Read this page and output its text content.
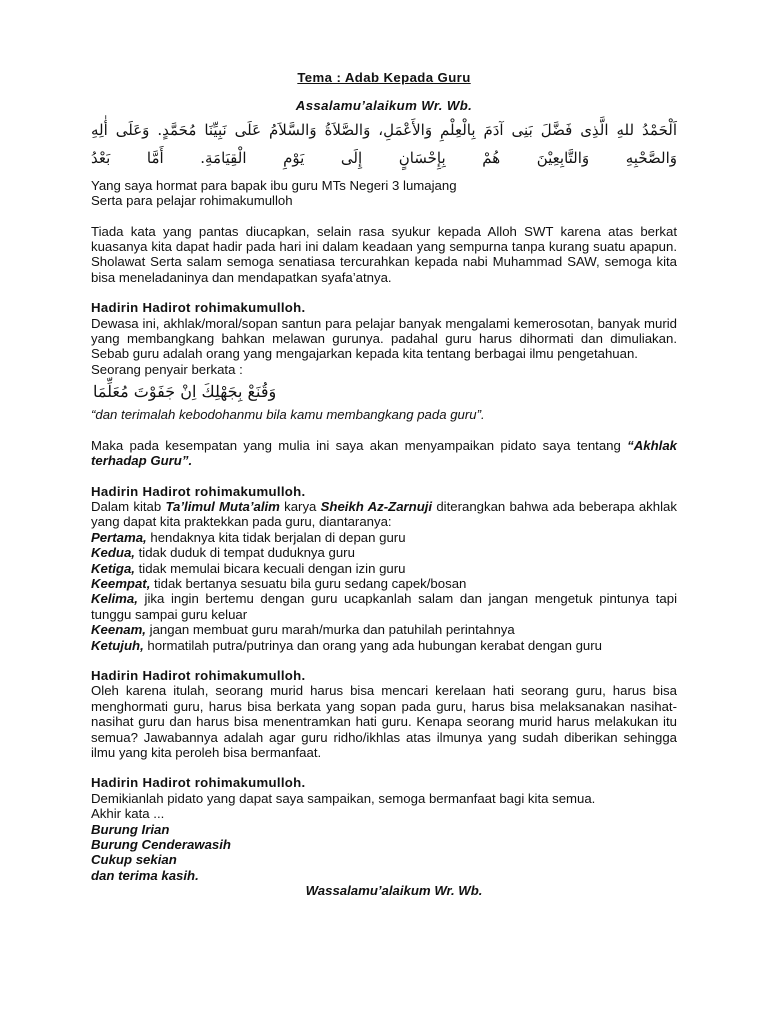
Tema : Adab Kepada Guru

Assalamu’alaikum Wr. Wb.

اَلْحَمْدُ للهِ الَّذِى فَضَّلَ بَنِى آدَمَ بِالْعِلْمِ وَالأَعْمَلِ، وَالصَّلاَةُ وَالسَّلاَمُ عَلَى نَبِيِّنَا مُحَمَّدٍ. وَعَلَى أٰلِهِ
وَالصَّحْبِهِ وَالتَّابِعِيْنَ هُمْ بِإِحْسَانٍ إِلَى يَوْمِ الْقِيَامَةِ. أَمَّا بَعْدُ

Yang saya hormat para bapak ibu guru MTs Negeri 3 lumajang

Serta para pelajar rohimakumulloh

Tiada kata yang pantas diucapkan, selain rasa syukur kepada Alloh SWT karena atas berkat kuasanya kita dapat hadir pada hari ini dalam keadaan yang sempurna tanpa kurang suatu apapun. Sholawat Serta salam semoga senatiasa tercurahkan kepada nabi Muhammad SAW, semoga kita bisa meneladaninya dan mendapatkan syafa’atnya.

Hadirin Hadirot rohimakumulloh.

Dewasa ini, akhlak/moral/sopan santun para pelajar banyak mengalami kemerosotan, banyak murid yang membangkang bahkan melawan gurunya. padahal guru harus dihormati dan dimuliakan. Sebab guru adalah orang yang mengajarkan kepada kita tentang berbagai ilmu pengetahuan.

Seorang penyair berkata :

وَقُنَعْ بِجَهْلِكَ اِنْ جَفَوْتَ مُعَلِّمَا

“dan terimalah kebodohanmu bila kamu membangkang pada guru”.

Maka pada kesempatan yang mulia ini saya akan menyampaikan pidato saya tentang “Akhlak terhadap Guru”.

Hadirin Hadirot rohimakumulloh.

Dalam kitab Ta’limul Muta’alim karya Sheikh Az-Zarnuji diterangkan bahwa ada beberapa akhlak yang dapat kita praktekkan pada guru, diantaranya:

Pertama, hendaknya kita tidak berjalan di depan guru

Kedua, tidak duduk di tempat duduknya guru

Ketiga, tidak memulai bicara kecuali dengan izin guru

Keempat, tidak bertanya sesuatu bila guru sedang capek/bosan

Kelima, jika ingin bertemu dengan guru ucapkanlah salam dan jangan mengetuk pintunya tapi tunggu sampai guru keluar

Keenam, jangan membuat guru marah/murka dan patuhilah perintahnya

Ketujuh, hormatilah putra/putrinya dan orang yang ada hubungan kerabat dengan guru

Hadirin Hadirot rohimakumulloh.

Oleh karena itulah, seorang murid harus bisa mencari kerelaan hati seorang guru, harus bisa menghormati guru, harus bisa berkata yang sopan pada guru, harus bisa melaksanakan nasihat-nasihat guru dan harus bisa menentramkan hati guru. Kenapa seorang murid harus melakukan itu semua? Jawabannya adalah agar guru ridho/ikhlas atas ilmunya yang sudah diberikan sehingga ilmu yang kita peroleh bisa bermanfaat.

Hadirin Hadirot rohimakumulloh.

Demikianlah pidato yang dapat saya sampaikan, semoga bermanfaat bagi kita semua.

Akhir kata ...

Burung Irian

Burung Cenderawasih

Cukup sekian

dan terima kasih.

Wassalamu’alaikum Wr. Wb.
